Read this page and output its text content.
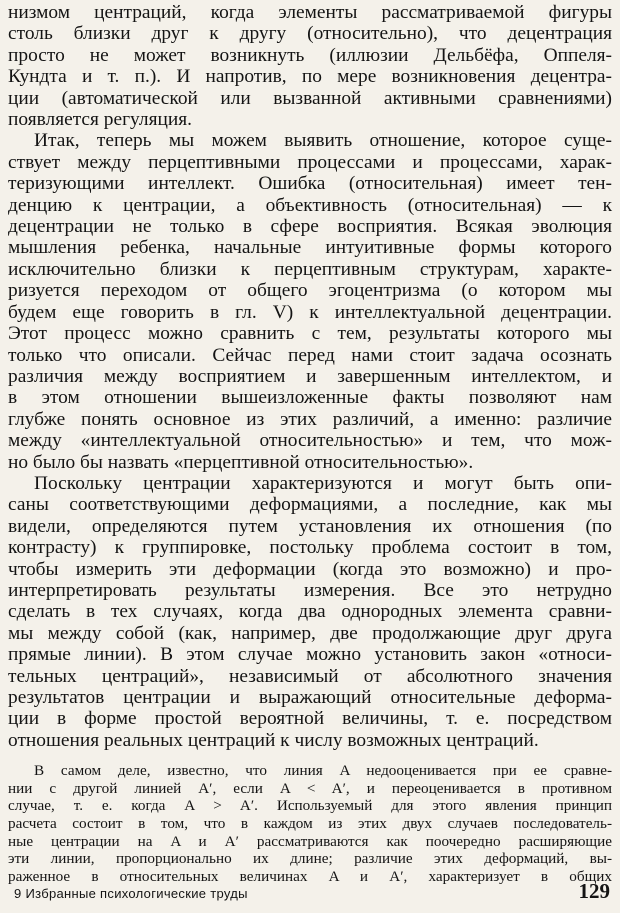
низмом центраций, когда элементы рассматриваемой фигуры

столь близки друг к другу (относительно), что децентрация

просто не может возникнуть (иллюзии Дельбёфа, Оппеля-

Кундта и т. п.). И напротив, по мере возникновения децентра-

ции (автоматической или вызванной активными сравнениями)

появляется регуляция.

Итак, теперь мы можем выявить отношение, которое суще-

ствует между перцептивными процессами и процессами, харак-

теризующими интеллект. Ошибка (относительная) имеет тен-

денцию к центрации, а объективность (относительная) — к

децентрации не только в сфере восприятия. Всякая эволюция

мышления ребенка, начальные интуитивные формы которого

исключительно близки к перцептивным структурам, характе-

ризуется переходом от общего эгоцентризма (о котором мы

будем еще говорить в гл. V) к интеллектуальной децентрации.

Этот процесс можно сравнить с тем, результаты которого мы

только что описали. Сейчас перед нами стоит задача осознать

различия между восприятием и завершенным интеллектом, и

в этом отношении вышеизложенные факты позволяют нам

глубже понять основное из этих различий, а именно: различие

между «интеллектуальной относительностью» и тем, что мож-

но было бы назвать «перцептивной относительностью».

Поскольку центрации характеризуются и могут быть опи-

саны соответствующими деформациями, а последние, как мы

видели, определяются путем установления их отношения (по

контрасту) к группировке, постольку проблема состоит в том,

чтобы измерить эти деформации (когда это возможно) и про-

интерпретировать результаты измерения. Все это нетрудно

сделать в тех случаях, когда два однородных элемента сравни-

мы между собой (как, например, две продолжающие друг друга

прямые линии). В этом случае можно установить закон «относи-

тельных центраций», независимый от абсолютного значения

результатов центрации и выражающий относительные деформа-

ции в форме простой вероятной величины, т. е. посредством

отношения реальных центраций к числу возможных центраций.

В самом деле, известно, что линия A недооценивается при ее сравне-

нии с другой линией A′, если A < A′, и переоценивается в противном

случае, т. е. когда A > A′. Используемый для этого явления принцип

расчета состоит в том, что в каждом из этих двух случаев последователь-

ные центрации на A и A′ рассматриваются как поочередно расширяющие

эти линии, пропорционально их длине; различие этих деформаций, вы-

раженное в относительных величинах A и A′, характеризует в общих

9 Избранные психологические труды	129
